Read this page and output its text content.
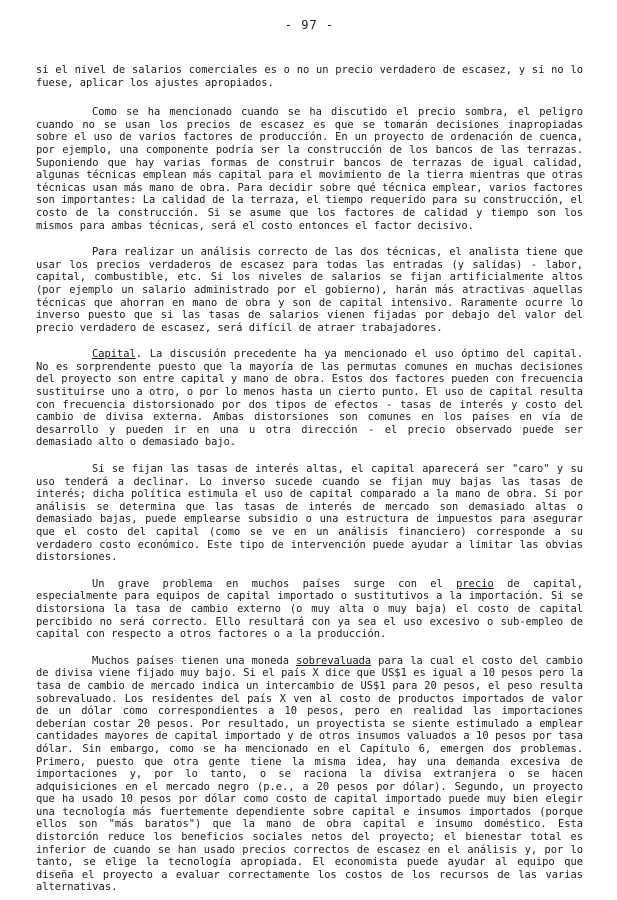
- 97 -

si el nivel de salarios comerciales es o no un precio verdadero de escasez, y si no lo fuese, aplicar los ajustes apropiados.

Como se ha mencionado cuando se ha discutido el precio sombra, el peligro cuando no se usan los precios de escasez es que se tomarán decisiones inapropiadas sobre el uso de varios factores de producción. En un proyecto de ordenación de cuenca, por ejemplo, una componente podría ser la construcción de los bancos de las terrazas. Suponiendo que hay varias formas de construir bancos de terrazas de igual calidad, algunas técnicas emplean más capital para el movimiento de la tierra mientras que otras técnicas usan más mano de obra. Para decidir sobre qué técnica emplear, varios factores son importantes: La calidad de la terraza, el tiempo requerido para su construcción, el costo de la construcción. Si se asume que los factores de calidad y tiempo son los mismos para ambas técnicas, será el costo entonces el factor decisivo.

Para realizar un análisis correcto de las dos técnicas, el analista tiene que usar los precios verdaderos de escasez para todas las entradas (y salidas) - labor, capital, combustible, etc. Si los niveles de salarios se fijan artificialmente altos (por ejemplo un salario administrado por el gobierno), harán más atractivas aquellas técnicas que ahorran en mano de obra y son de capital intensivo. Raramente ocurre lo inverso puesto que si las tasas de salarios vienen fijadas por debajo del valor del precio verdadero de escasez, será difícil de atraer trabajadores.

Capital. La discusión precedente ha ya mencionado el uso óptimo del capital. No es sorprendente puesto que la mayoría de las permutas comunes en muchas decisiones del proyecto son entre capital y mano de obra. Estos dos factores pueden con frecuencia sustituirse uno a otro, o por lo menos hasta un cierto punto. El uso de capital resulta con frecuencia distorsionado por dos tipos de efectos - tasas de interés y costo del cambio de divisa externa. Ambas distorsiones son comunes en los países en vía de desarrollo y pueden ir en una u otra dirección - el precio observado puede ser demasiado alto o demasiado bajo.

Si se fijan las tasas de interés altas, el capital aparecerá ser "caro" y su uso tenderá a declinar. Lo inverso sucede cuando se fijan muy bajas las tasas de interés; dicha política estimula el uso de capital comparado a la mano de obra. Si por análisis se determina que las tasas de interés de mercado son demasiado altas o demasiado bajas, puede emplearse subsidio o una estructura de impuestos para asegurar que el costo del capital (como se ve en un análisis financiero) corresponde a su verdadero costo económico. Este tipo de intervención puede ayudar a limitar las obvias distorsiones.

Un grave problema en muchos países surge con el precio de capital, especialmente para equipos de capital importado o sustitutivos a la importación. Si se distorsiona la tasa de cambio externo (o muy alta o muy baja) el costo de capital percibido no será correcto. Ello resultará con ya sea el uso excesivo o sub-empleo de capital con respecto a otros factores o a la producción.

Muchos países tienen una moneda sobrevaluada para la cual el costo del cambio de divisa viene fijado muy bajo. Si el país X dice que US$1 es igual a 10 pesos pero la tasa de cambio de mercado indica un intercambio de US$1 para 20 pesos, el peso resulta sobrevaluado. Los residentes del país X ven al costo de productos importados de valor de un dólar como correspondientes a 10 pesos, pero en realidad las importaciones deberían costar 20 pesos. Por resultado, un proyectista se siente estimulado a emplear cantidades mayores de capital importado y de otros insumos valuados a 10 pesos por tasa dólar. Sin embargo, como se ha mencionado en el Capítulo 6, emergen dos problemas. Primero, puesto que otra gente tiene la misma idea, hay una demanda excesiva de importaciones y, por lo tanto, o se raciona la divisa extranjera o se hacen adquisiciones en el mercado negro (p.e., a 20 pesos por dólar). Segundo, un proyecto que ha usado 10 pesos por dólar como costo de capital importado puede muy bien elegir una tecnología más fuertemente dependiente sobre capital e insumos importados (porque ellos son "más baratos") que la mano de obra capital e insumo doméstico. Esta distorción reduce los beneficios sociales netos del proyecto; el bienestar total es inferior de cuando se han usado precios correctos de escasez en el análisis y, por lo tanto, se elige la tecnología apropiada. El economista puede ayudar al equipo que diseña el proyecto a evaluar correctamente los costos de los recursos de las varias alternativas.
